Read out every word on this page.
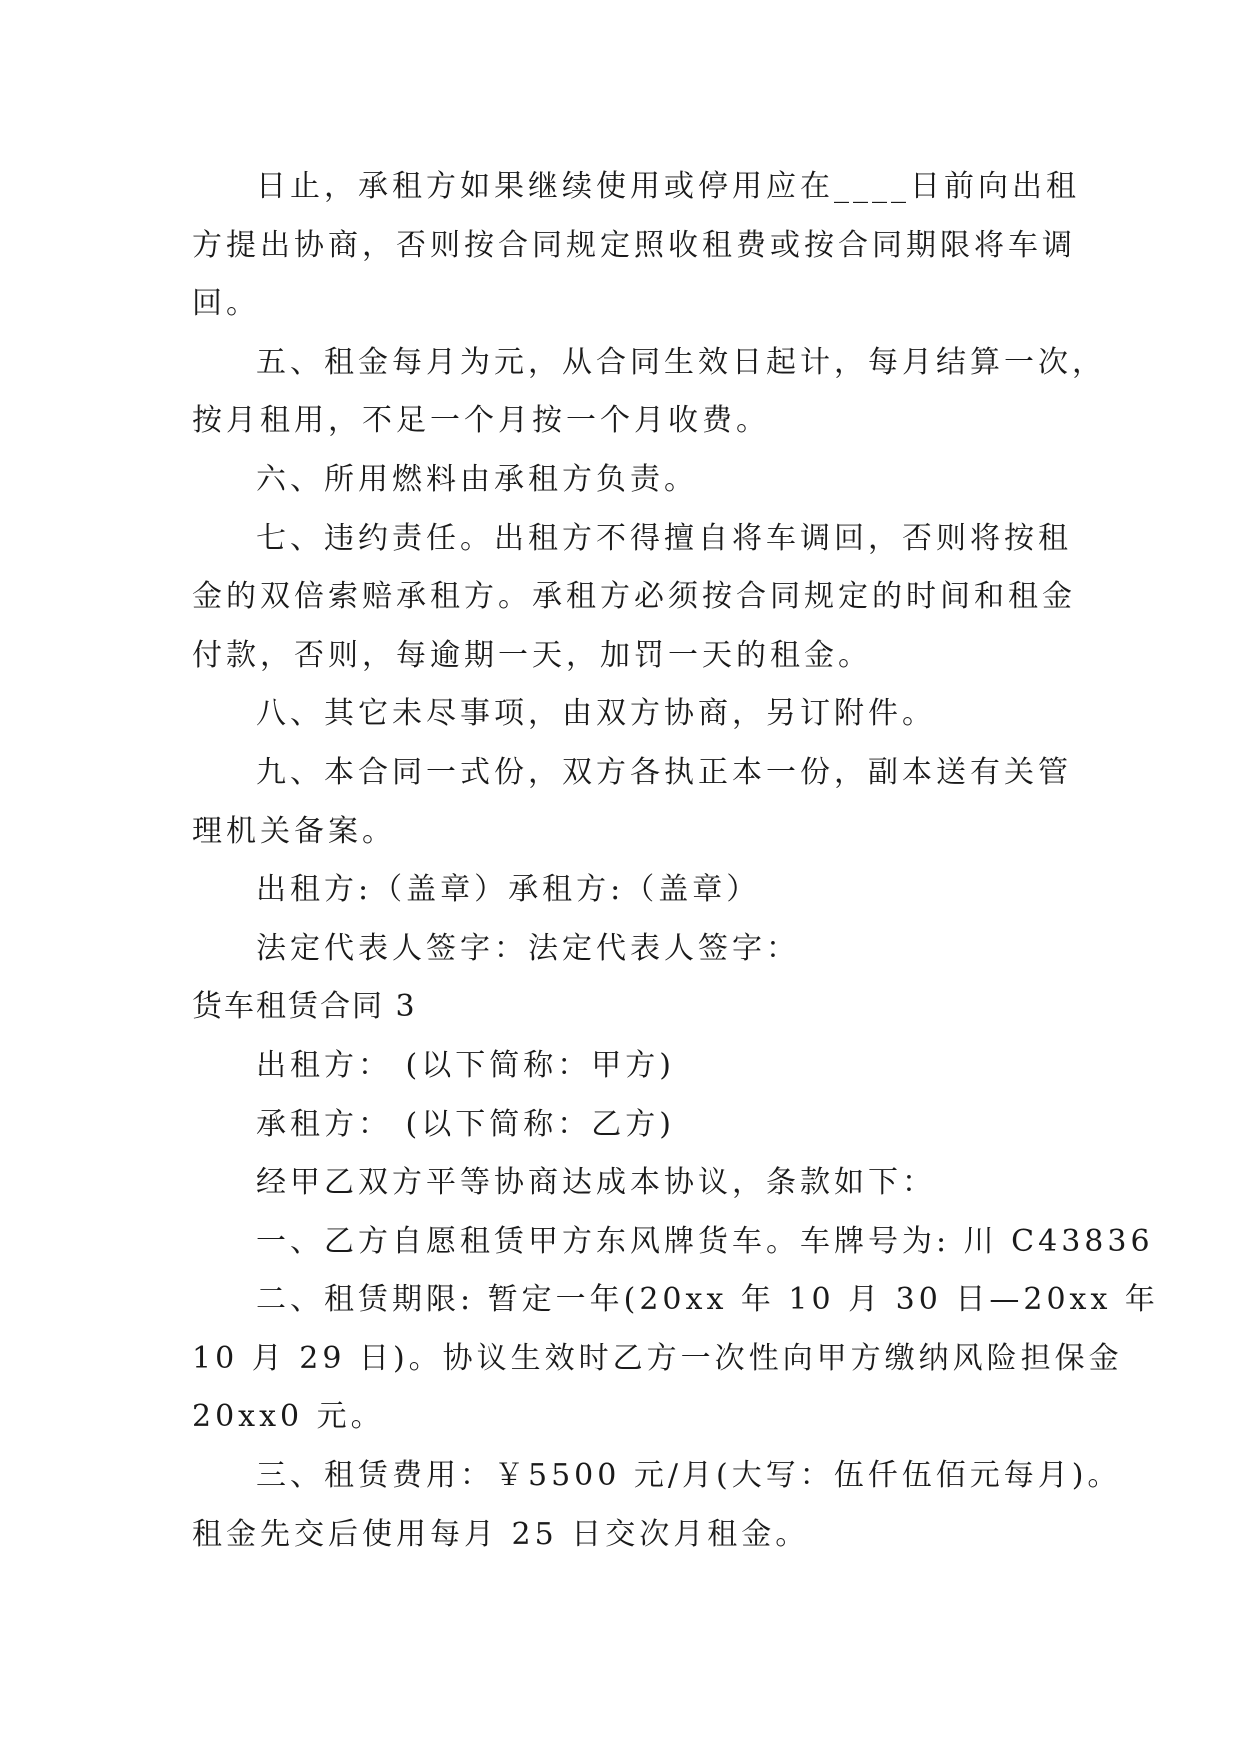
日止，承租方如果继续使用或停用应在____日前向出租
方提出协商，否则按合同规定照收租费或按合同期限将车调
回。
五、租金每月为元，从合同生效日起计，每月结算一次，
按月租用，不足一个月按一个月收费。
六、所用燃料由承租方负责。
七、违约责任。出租方不得擅自将车调回，否则将按租
金的双倍索赔承租方。承租方必须按合同规定的时间和租金
付款，否则，每逾期一天，加罚一天的租金。
八、其它未尽事项，由双方协商，另订附件。
九、本合同一式份，双方各执正本一份，副本送有关管
理机关备案。
出租方:（盖章）承租方:（盖章）
法定代表人签字：法定代表人签字：
货车租赁合同 3
出租方： (以下简称：甲方)
承租方： (以下简称：乙方)
经甲乙双方平等协商达成本协议，条款如下：
一、乙方自愿租赁甲方东风牌货车。车牌号为: 川 C43836
二、租赁期限: 暂定一年(20xx 年 10 月 30 日—20xx 年
10 月 29 日)。协议生效时乙方一次性向甲方缴纳风险担保金
20xx0 元。
三、租赁费用：￥5500 元/月(大写：伍仟伍佰元每月)。
租金先交后使用每月 25 日交次月租金。
